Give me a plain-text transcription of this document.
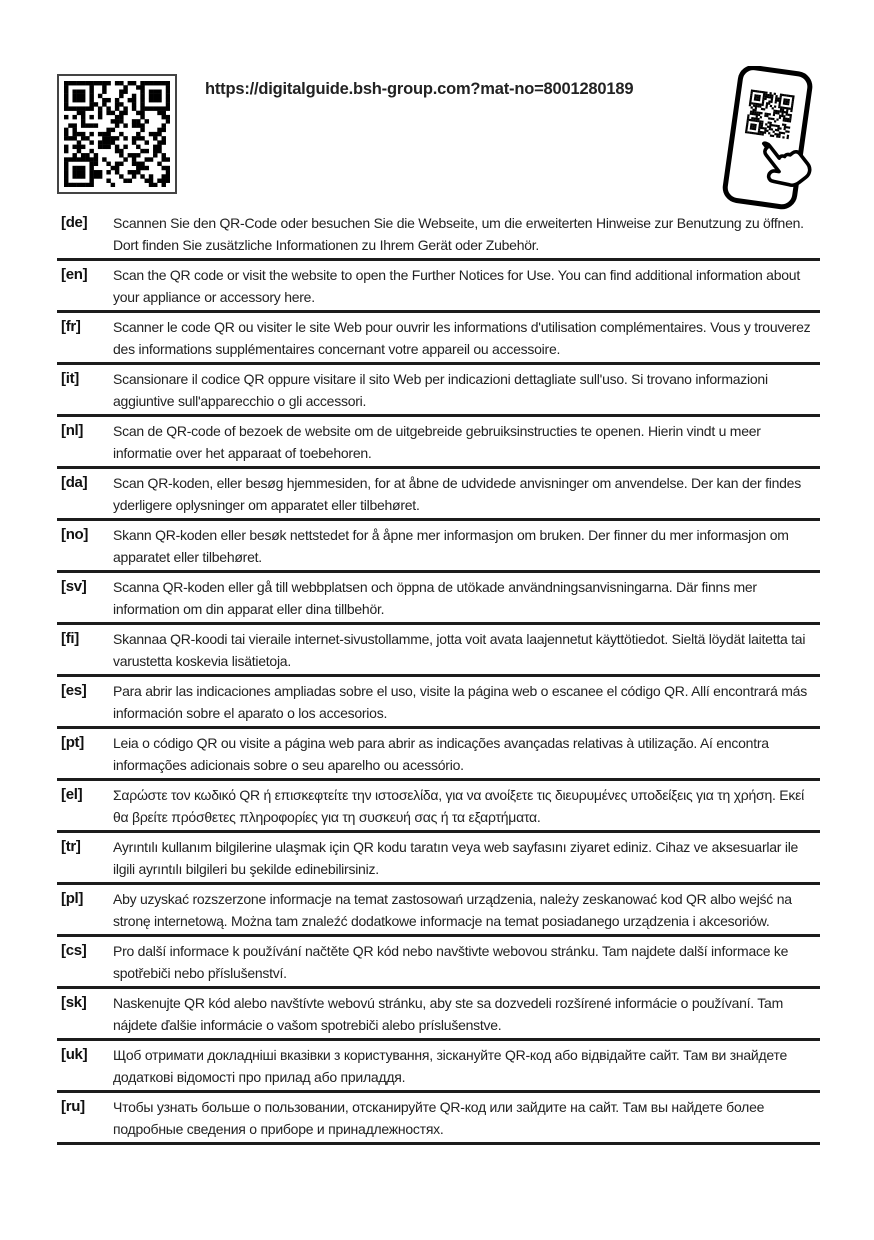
https://digitalguide.bsh-group.com?mat-no=8001280189
[de]	Scannen Sie den QR-Code oder besuchen Sie die Webseite, um die erweiterten Hinweise zur Benutzung zu öffnen. Dort finden Sie zusätzliche Informationen zu Ihrem Gerät oder Zubehör.
[en]	Scan the QR code or visit the website to open the Further Notices for Use. You can find additional information about your appliance or accessory here.
[fr]	Scanner le code QR ou visiter le site Web pour ouvrir les informations d'utilisation complémentaires. Vous y trouverez des informations supplémentaires concernant votre appareil ou accessoire.
[it]	Scansionare il codice QR oppure visitare il sito Web per indicazioni dettagliate sull'uso. Si trovano informazioni aggiuntive sull'apparecchio o gli accessori.
[nl]	Scan de QR-code of bezoek de website om de uitgebreide gebruiksinstructies te openen. Hierin vindt u meer informatie over het apparaat of toebehoren.
[da]	Scan QR-koden, eller besøg hjemmesiden, for at åbne de udvidede anvisninger om anvendelse. Der kan der findes yderligere oplysninger om apparatet eller tilbehøret.
[no]	Skann QR-koden eller besøk nettstedet for å åpne mer informasjon om bruken. Der finner du mer informasjon om apparatet eller tilbehøret.
[sv]	Scanna QR-koden eller gå till webbplatsen och öppna de utökade användningsanvisningarna. Där finns mer information om din apparat eller dina tillbehör.
[fi]	Skannaa QR-koodi tai vieraile internet-sivustollamme, jotta voit avata laajennetut käyttötiedot. Sieltä löydät laitetta tai varustetta koskevia lisätietoja.
[es]	Para abrir las indicaciones ampliadas sobre el uso, visite la página web o escanee el código QR. Allí encontrará más información sobre el aparato o los accesorios.
[pt]	Leia o código QR ou visite a página web para abrir as indicações avançadas relativas à utilização. Aí encontra informações adicionais sobre o seu aparelho ou acessório.
[el]	Σαρώστε τον κωδικό QR ή επισκεφτείτε την ιστοσελίδα, για να ανοίξετε τις διευρυμένες υποδείξεις για τη χρήση. Εκεί θα βρείτε πρόσθετες πληροφορίες για τη συσκευή σας ή τα εξαρτήματα.
[tr]	Ayrıntılı kullanım bilgilerine ulaşmak için QR kodu taratın veya web sayfasını ziyaret ediniz. Cihaz ve aksesuarlar ile ilgili ayrıntılı bilgileri bu şekilde edinebilirsiniz.
[pl]	Aby uzyskać rozszerzone informacje na temat zastosowań urządzenia, należy zeskanować kod QR albo wejść na stronę internetową. Można tam znaleźć dodatkowe informacje na temat posiadanego urządzenia i akcesoriów.
[cs]	Pro další informace k používání načtěte QR kód nebo navštivte webovou stránku. Tam najdete další informace ke spotřebiči nebo příslušenství.
[sk]	Naskenujte QR kód alebo navštívte webovú stránku, aby ste sa dozvedeli rozšírené informácie o používaní. Tam nájdete ďalšie informácie o vašom spotrebiči alebo príslušenstve.
[uk]	Щоб отримати докладніші вказівки з користування, зіскануйте QR-код або відвідайте сайт. Там ви знайдете додаткові відомості про прилад або приладдя.
[ru]	Чтобы узнать больше о пользовании, отсканируйте QR-код или зайдите на сайт. Там вы найдете более подробные сведения о приборе и принадлежностях.
